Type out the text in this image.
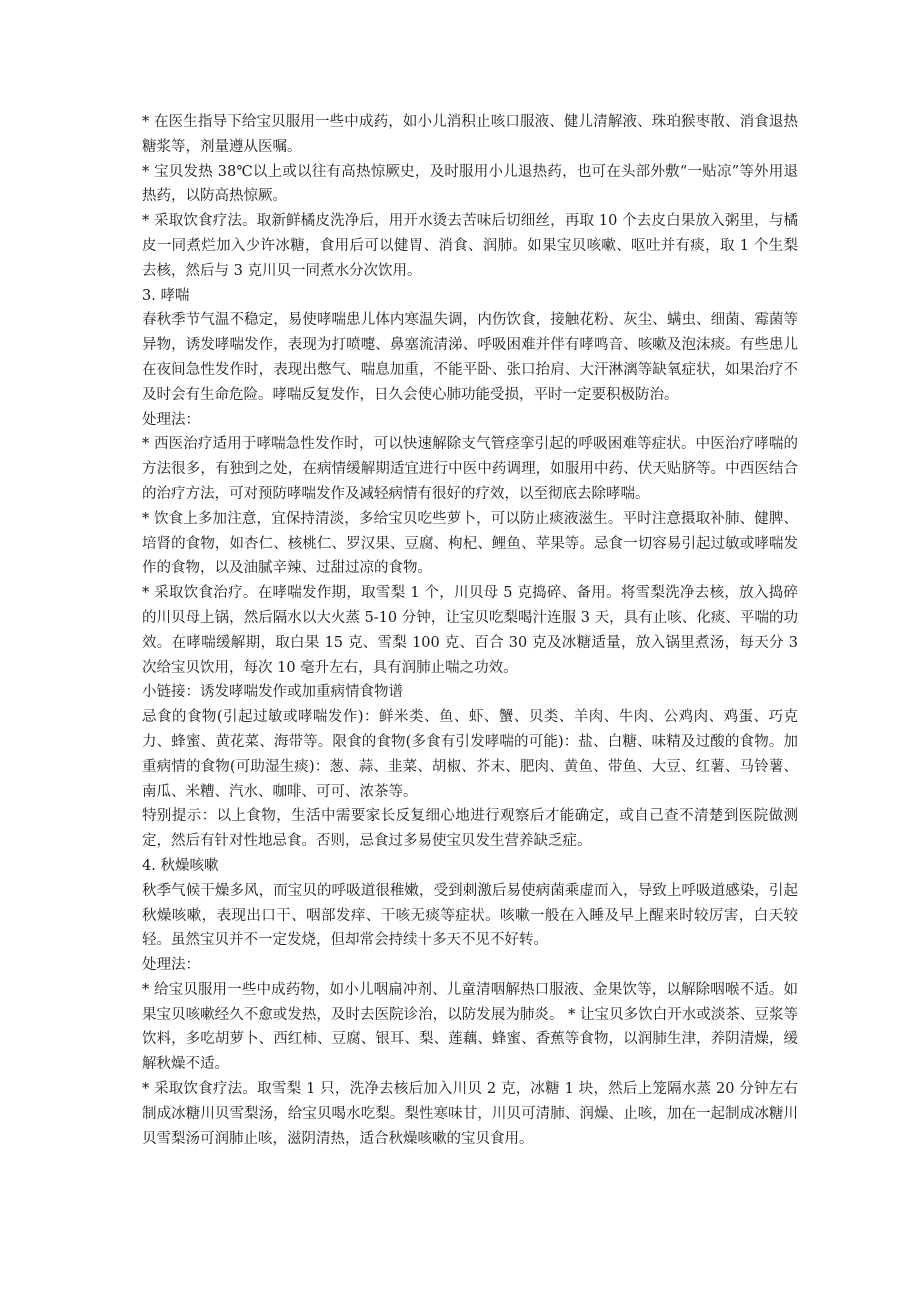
* 在医生指导下给宝贝服用一些中成药，如小儿消积止咳口服液、健儿清解液、珠珀猴枣散、消食退热糖浆等，剂量遵从医嘱。

* 宝贝发热 38℃以上或以往有高热惊厥史，及时服用小儿退热药，也可在头部外敷“一贴凉”等外用退热药，以防高热惊厥。

* 采取饮食疗法。取新鲜橘皮洗净后，用开水烫去苦味后切细丝，再取 10 个去皮白果放入粥里，与橘皮一同煮烂加入少许冰糖，食用后可以健胃、消食、润肺。如果宝贝咳嗽、呕吐并有痰，取 1 个生梨去核，然后与 3 克川贝一同煮水分次饮用。

3. 哮喘

春秋季节气温不稳定，易使哮喘患儿体内寒温失调，内伤饮食，接触花粉、灰尘、螨虫、细菌、霉菌等异物，诱发哮喘发作，表现为打喷嚏、鼻塞流清涕、呼吸困难并伴有哮鸣音、咳嗽及泡沫痰。有些患儿在夜间急性发作时，表现出憋气、喘息加重，不能平卧、张口抬肩、大汗淋漓等缺氧症状，如果治疗不及时会有生命危险。哮喘反复发作，日久会使心肺功能受损，平时一定要积极防治。

处理法：

* 西医治疗适用于哮喘急性发作时，可以快速解除支气管痉挛引起的呼吸困难等症状。中医治疗哮喘的方法很多，有独到之处，在病情缓解期适宜进行中医中药调理，如服用中药、伏天贴脐等。中西医结合的治疗方法，可对预防哮喘发作及减轻病情有很好的疗效，以至彻底去除哮喘。

* 饮食上多加注意，宜保持清淡，多给宝贝吃些萝卜，可以防止痰液滋生。平时注意摄取补肺、健脾、培肾的食物，如杏仁、核桃仁、罗汉果、豆腐、枸杞、鲤鱼、苹果等。忌食一切容易引起过敏或哮喘发作的食物，以及油腻辛辣、过甜过凉的食物。

* 采取饮食治疗。在哮喘发作期，取雪梨 1 个，川贝母 5 克捣碎、备用。将雪梨洗净去核，放入捣碎的川贝母上锅，然后隔水以大火蒸 5-10 分钟，让宝贝吃梨喝汁连服 3 天，具有止咳、化痰、平喘的功效。在哮喘缓解期，取白果 15 克、雪梨 100 克、百合 30 克及冰糖适量，放入锅里煮汤，每天分 3 次给宝贝饮用，每次 10 毫升左右，具有润肺止喘之功效。

小链接：诱发哮喘发作或加重病情食物谱

忌食的食物(引起过敏或哮喘发作)：鲜米类、鱼、虾、蟹、贝类、羊肉、牛肉、公鸡肉、鸡蛋、巧克力、蜂蜜、黄花菜、海带等。限食的食物(多食有引发哮喘的可能)：盐、白糖、味精及过酸的食物。加重病情的食物(可助湿生痰)：葱、蒜、韭菜、胡椒、芥末、肥肉、黄鱼、带鱼、大豆、红薯、马铃薯、南瓜、米糟、汽水、咖啡、可可、浓茶等。

特别提示：以上食物，生活中需要家长反复细心地进行观察后才能确定，或自己查不清楚到医院做测定，然后有针对性地忌食。否则，忌食过多易使宝贝发生营养缺乏症。

4. 秋燥咳嗽

秋季气候干燥多风，而宝贝的呼吸道很稚嫩，受到刺激后易使病菌乘虚而入，导致上呼吸道感染，引起秋燥咳嗽，表现出口干、咽部发痒、干咳无痰等症状。咳嗽一般在入睡及早上醒来时较厉害，白天较轻。虽然宝贝并不一定发烧，但却常会持续十多天不见不好转。

处理法：

* 给宝贝服用一些中成药物，如小儿咽扁冲剂、儿童清咽解热口服液、金果饮等，以解除咽喉不适。如果宝贝咳嗽经久不愈或发热，及时去医院诊治，以防发展为肺炎。 * 让宝贝多饮白开水或淡茶、豆浆等饮料，多吃胡萝卜、西红柿、豆腐、银耳、梨、莲藕、蜂蜜、香蕉等食物，以润肺生津，养阴清燥，缓解秋燥不适。

* 采取饮食疗法。取雪梨 1 只，洗净去核后加入川贝 2 克，冰糖 1 块，然后上笼隔水蒸 20 分钟左右制成冰糖川贝雪梨汤，给宝贝喝水吃梨。梨性寒味甘，川贝可清肺、润燥、止咳，加在一起制成冰糖川贝雪梨汤可润肺止咳，滋阴清热，适合秋燥咳嗽的宝贝食用。
